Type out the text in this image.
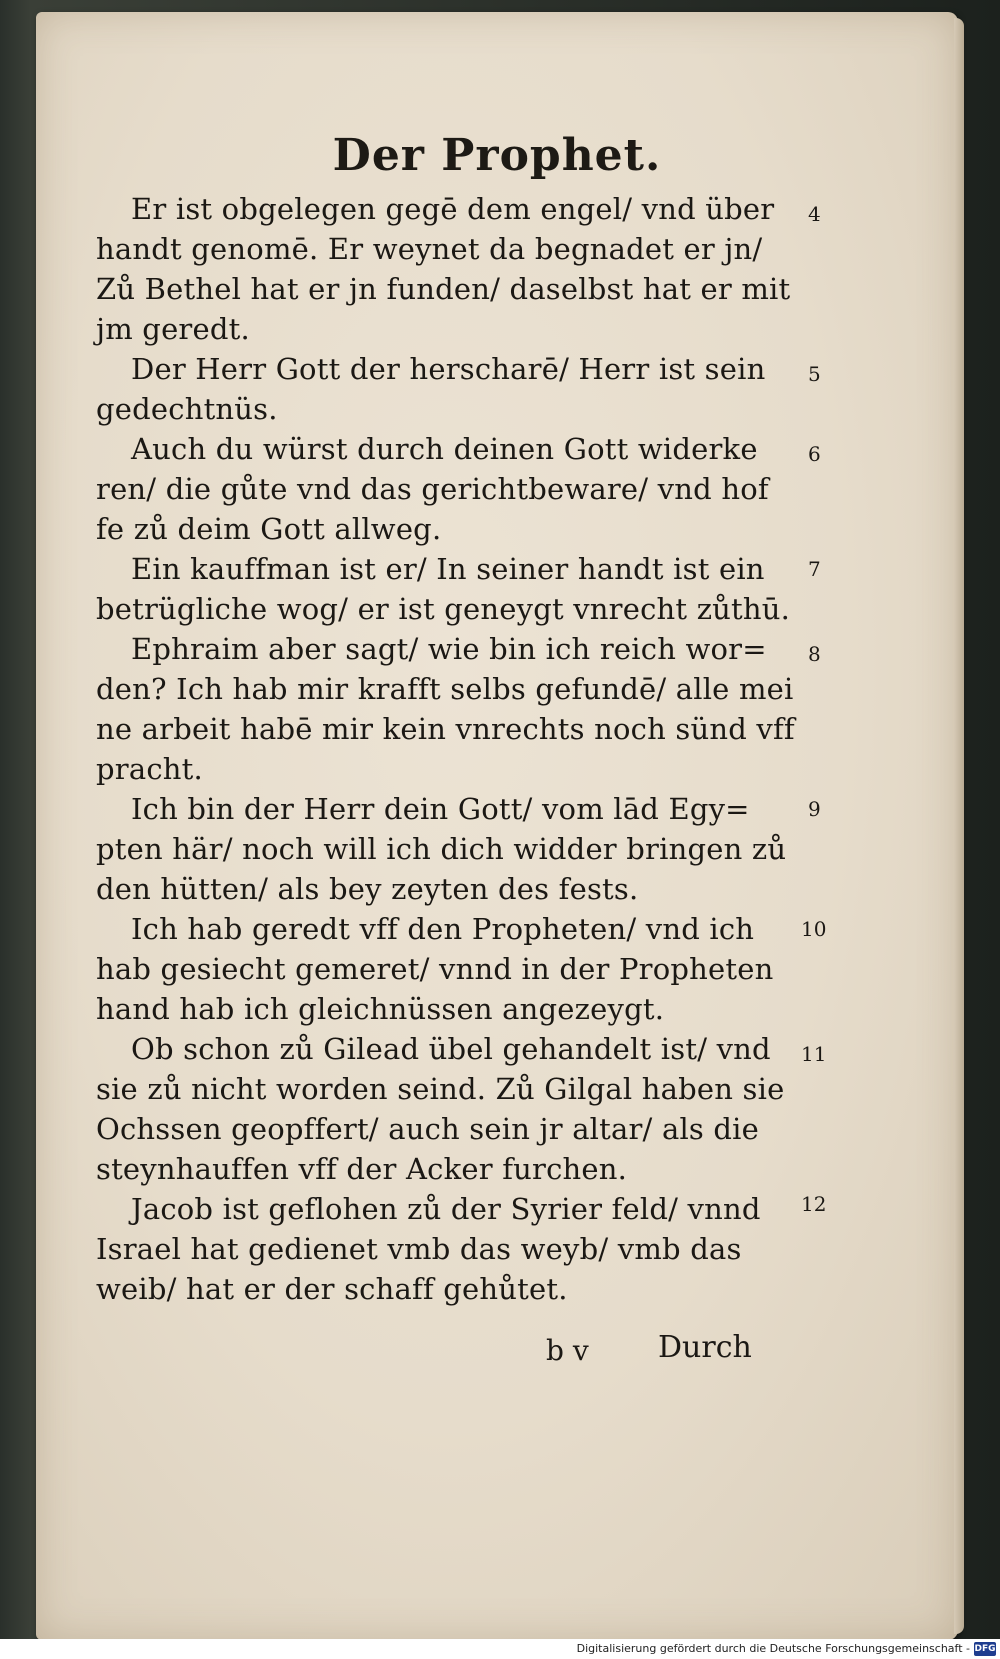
Der Prophet.
Er ist obgelegen gegē dem engel/ vnd über
handt genomē. Er weynet da begnadet er jn/
Zů Bethel hat er jn funden/ daselbst hat er mit
jm geredt.
Der Herr Gott der herscharē/ Herr ist sein
gedechtnüs.
Auch du würst durch deinen Gott widerke
ren/ die gůte vnd das gerichtbeware/ vnd hof
fe zů deim Gott allweg.
Ein kauffman ist er/ In seiner handt ist ein
betrügliche wog/ er ist geneygt vnrecht zůthū.
Ephraim aber sagt/ wie bin ich reich wor=
den? Ich hab mir krafft selbs gefundē/ alle mei
ne arbeit habē mir kein vnrechts noch sünd vff
pracht.
Ich bin der Herr dein Gott/ vom lād Egy=
pten här/ noch will ich dich widder bringen zů
den hütten/ als bey zeyten des fests.
Ich hab geredt vff den Propheten/ vnd ich
hab gesiecht gemeret/ vnnd in der Propheten
hand hab ich gleichnüssen angezeygt.
Ob schon zů Gilead übel gehandelt ist/ vnd
sie zů nicht worden seind. Zů Gilgal haben sie
Ochssen geopffert/ auch sein jr altar/ als die
steynhauffen vff der Acker furchen.
Jacob ist geflohen zů der Syrier feld/ vnnd
Israel hat gedienet vmb das weyb/ vmb das
weib/ hat er der schaff gehůtet.
4
5
6
7
8
9
10
11
12
b v Durch
Digitalisierung gefördert durch die Deutsche Forschungsgemeinschaft - DFG
